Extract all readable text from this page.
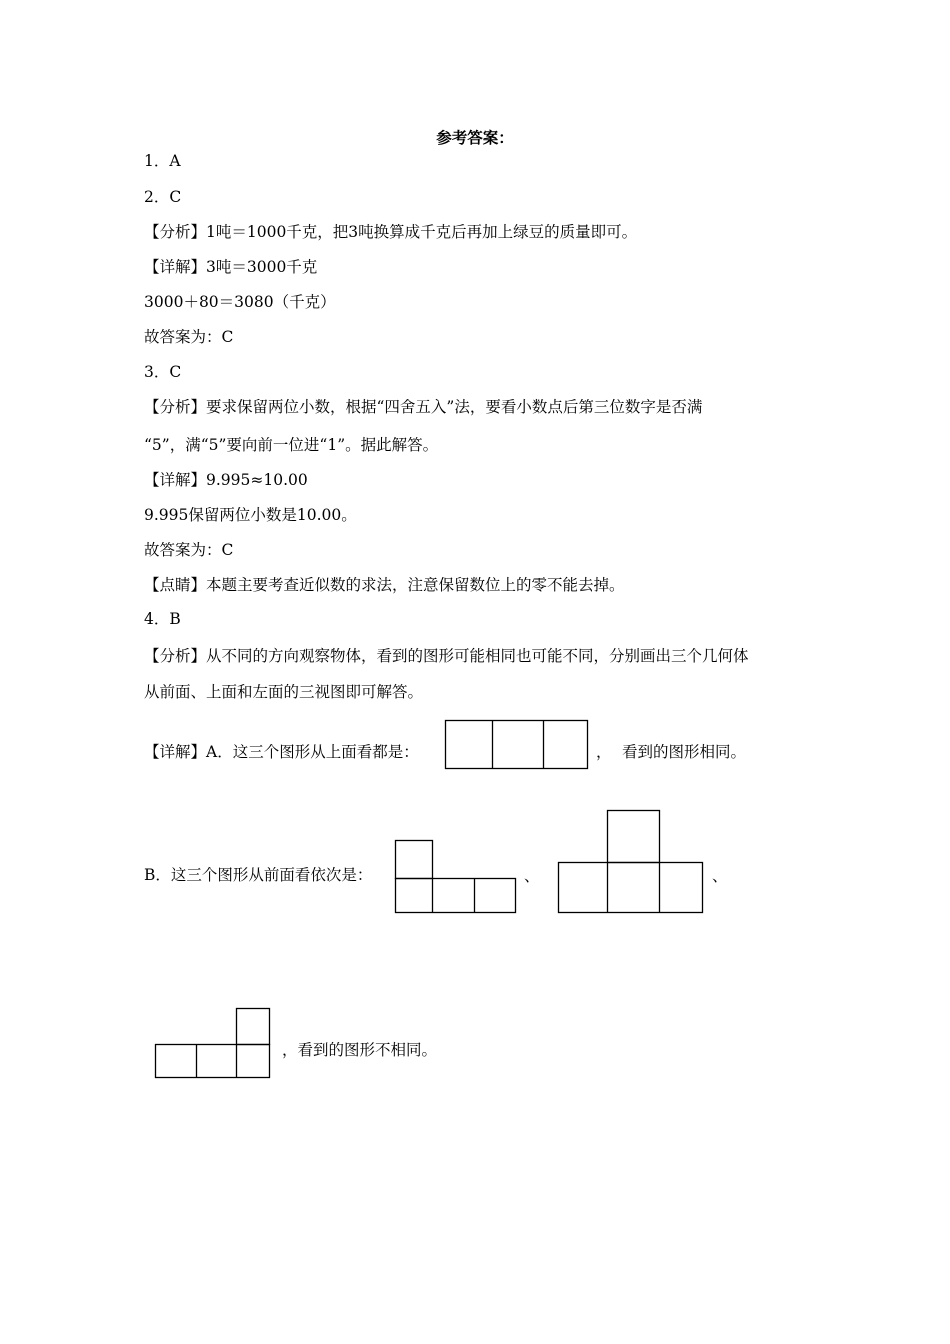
参考答案：
1．A
2．C
【分析】1吨＝1000千克，把3吨换算成千克后再加上绿豆的质量即可。
【详解】3吨＝3000千克
3000＋80＝3080（千克）
故答案为：C
3．C
【分析】要求保留两位小数，根据“四舍五入”法，要看小数点后第三位数字是否满
“5”，满“5”要向前一位进“1”。据此解答。
【详解】9.995≈10.00
9.995保留两位小数是10.00。
故答案为：C
【点睛】本题主要考查近似数的求法，注意保留数位上的零不能去掉。
4．B
【分析】从不同的方向观察物体，看到的图形可能相同也可能不同，分别画出三个几何体
从前面、上面和左面的三视图即可解答。
【详解】A．这三个图形从上面看都是：	， 看到的图形相同。
B．这三个图形从前面看依次是：	、	、
，看到的图形不相同。
